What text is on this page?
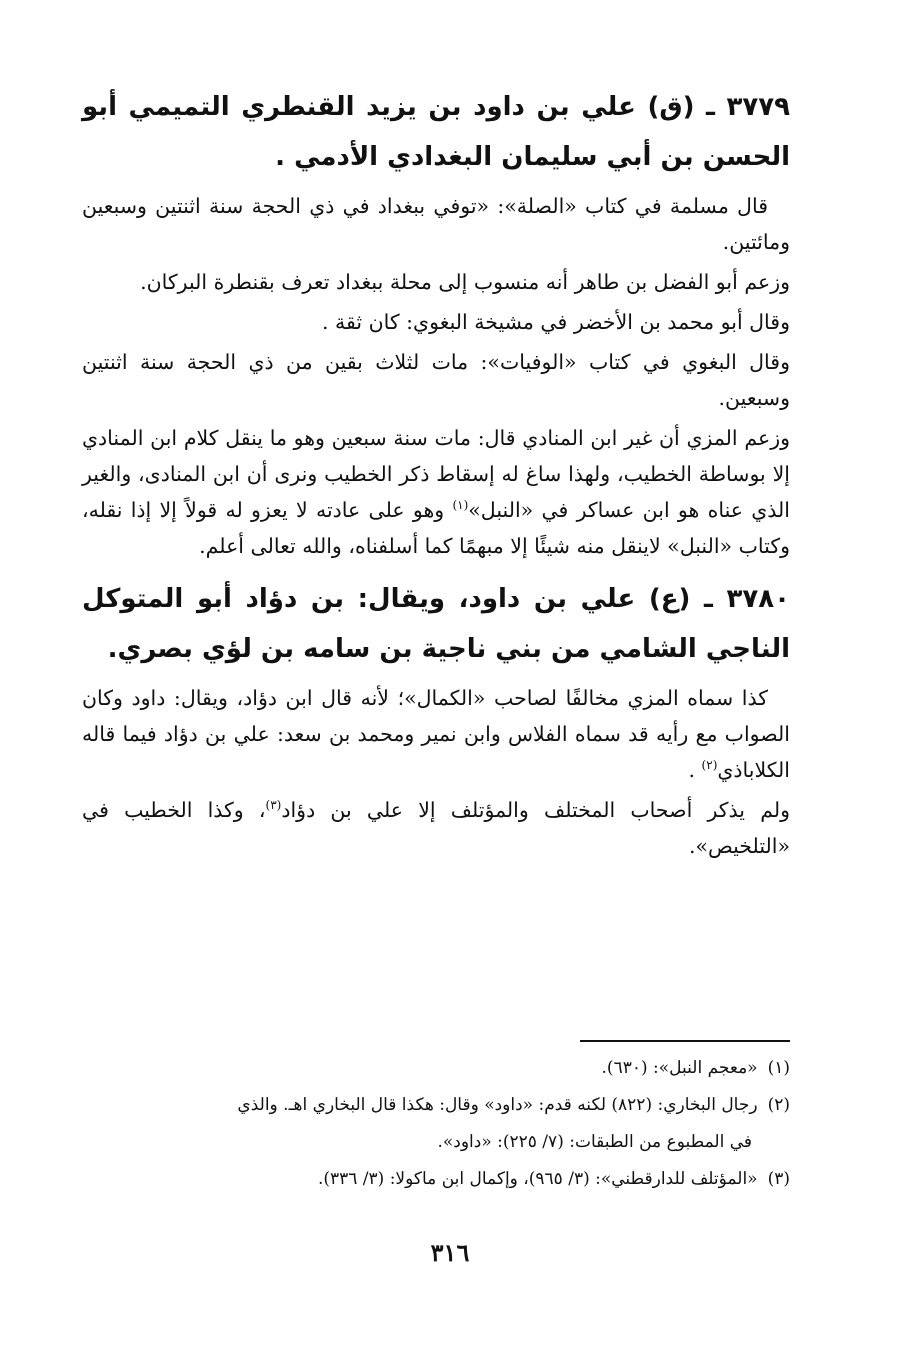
٣٧٧٩ ـ (ق) علي بن داود بن يزيد القنطري التميمي أبو الحسن بن أبي سليمان البغدادي الأدمي .

قال مسلمة في كتاب «الصلة»: «توفي ببغداد في ذي الحجة سنة اثنتين وسبعين ومائتين.

وزعم أبو الفضل بن طاهر أنه منسوب إلى محلة ببغداد تعرف بقنطرة البركان.

وقال أبو محمد بن الأخضر في مشيخة البغوي: كان ثقة .

وقال البغوي في كتاب «الوفيات»: مات لثلاث بقين من ذي الحجة سنة اثنتين وسبعين.

وزعم المزي أن غير ابن المنادي قال: مات سنة سبعين وهو ما ينقل كلام ابن المنادي إلا بوساطة الخطيب، ولهذا ساغ له إسقاط ذكر الخطيب ونرى أن ابن المنادى، والغير الذي عناه هو ابن عساكر في «النبل»$^{(١)}$ وهو على عادته لا يعزو له قولاً إلا إذا نقله، وكتاب «النبل» لاينقل منه شيئًا إلا مبهمًا كما أسلفناه، والله تعالى أعلم.

٣٧٨٠ ـ (ع) علي بن داود، ويقال: بن دؤاد أبو المتوكل الناجي الشامي من بني ناجية بن سامه بن لؤي بصري.

كذا سماه المزي مخالفًا لصاحب «الكمال»؛ لأنه قال ابن دؤاد، ويقال: داود وكان الصواب مع رأيه قد سماه الفلاس وابن نمير ومحمد بن سعد: علي بن دؤاد فيما قاله الكلاباذي$^{(٢)}$ .

ولم يذكر أصحاب المختلف والمؤتلف إلا علي بن دؤاد$^{(٣)}$، وكذا الخطيب في «التلخيص».

(١)«معجم النبل»: (٦٣٠).

(٢)رجال البخاري: (٨٢٢) لكنه قدم: «داود» وقال: هكذا قال البخاري اهـ. والذي

في المطبوع من الطبقات: (٧/ ٢٢٥): «داود».

(٣)«المؤتلف للدارقطني»: (٣/ ٩٦٥)، وإكمال ابن ماكولا: (٣/ ٣٣٦).

٣١٦
